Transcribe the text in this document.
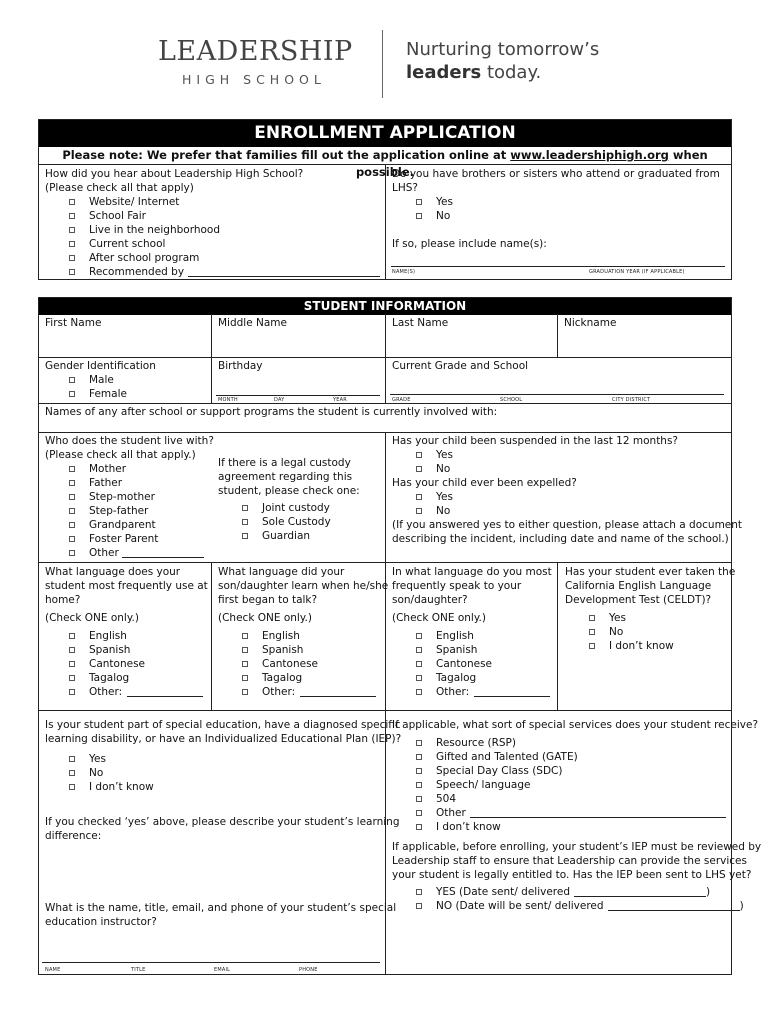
LEADERSHIP
HIGH SCHOOL
Nurturing tomorrow’s
leaders today.
ENROLLMENT APPLICATION
Please note: We prefer that families fill out the application online at www.leadershiphigh.org when possible.
How did you hear about Leadership High School?
(Please check all that apply)
Website/ Internet
School Fair
Live in the neighborhood
Current school
After school program
Recommended by
Do you have brothers or sisters who attend or graduated from LHS?
Yes
No
If so, please include name(s):
NAME(S)	GRADUATION YEAR (IF APPLICABLE)
STUDENT INFORMATION
First Name	Middle Name	Last Name	Nickname
Gender Identification
Male
Female
Birthday
MONTH	DAY	YEAR
Current Grade and School
GRADE	SCHOOL	CITY DISTRICT
Names of any after school or support programs the student is currently involved with:
Who does the student live with?
(Please check all that apply.)
Mother
Father
Step-mother
Step-father
Grandparent
Foster Parent
Other
If there is a legal custody
agreement regarding this
student, please check one:
Joint custody
Sole Custody
Guardian
Has your child been suspended in the last 12 months?
Yes
No
Has your child ever been expelled?
Yes
No
(If you answered yes to either question, please attach a document
describing the incident, including date and name of the school.)
What language does your
student most frequently use at
home?
(Check ONE only.)
English
Spanish
Cantonese
Tagalog
Other:
What language did your
son/daughter learn when he/she
first began to talk?
(Check ONE only.)
English
Spanish
Cantonese
Tagalog
Other:
In what language do you most
frequently speak to your
son/daughter?
(Check ONE only.)
English
Spanish
Cantonese
Tagalog
Other:
Has your student ever taken the
California English Language
Development Test (CELDT)?
Yes
No
I don’t know
Is your student part of special education, have a diagnosed specific
learning disability, or have an Individualized Educational Plan (IEP)?
Yes
No
I don’t know
If you checked ‘yes’ above, please describe your student’s learning
difference:
What is the name, title, email, and phone of your student’s special
education instructor?
NAME	TITLE	EMAIL	PHONE
If applicable, what sort of special services does your student receive?
Resource (RSP)
Gifted and Talented (GATE)
Special Day Class (SDC)
Speech/ language
504
Other
I don’t know
If applicable, before enrolling, your student’s IEP must be reviewed by
Leadership staff to ensure that Leadership can provide the services
your student is legally entitled to. Has the IEP been sent to LHS yet?
YES (Date sent/ delivered	)
NO (Date will be sent/ delivered	)
